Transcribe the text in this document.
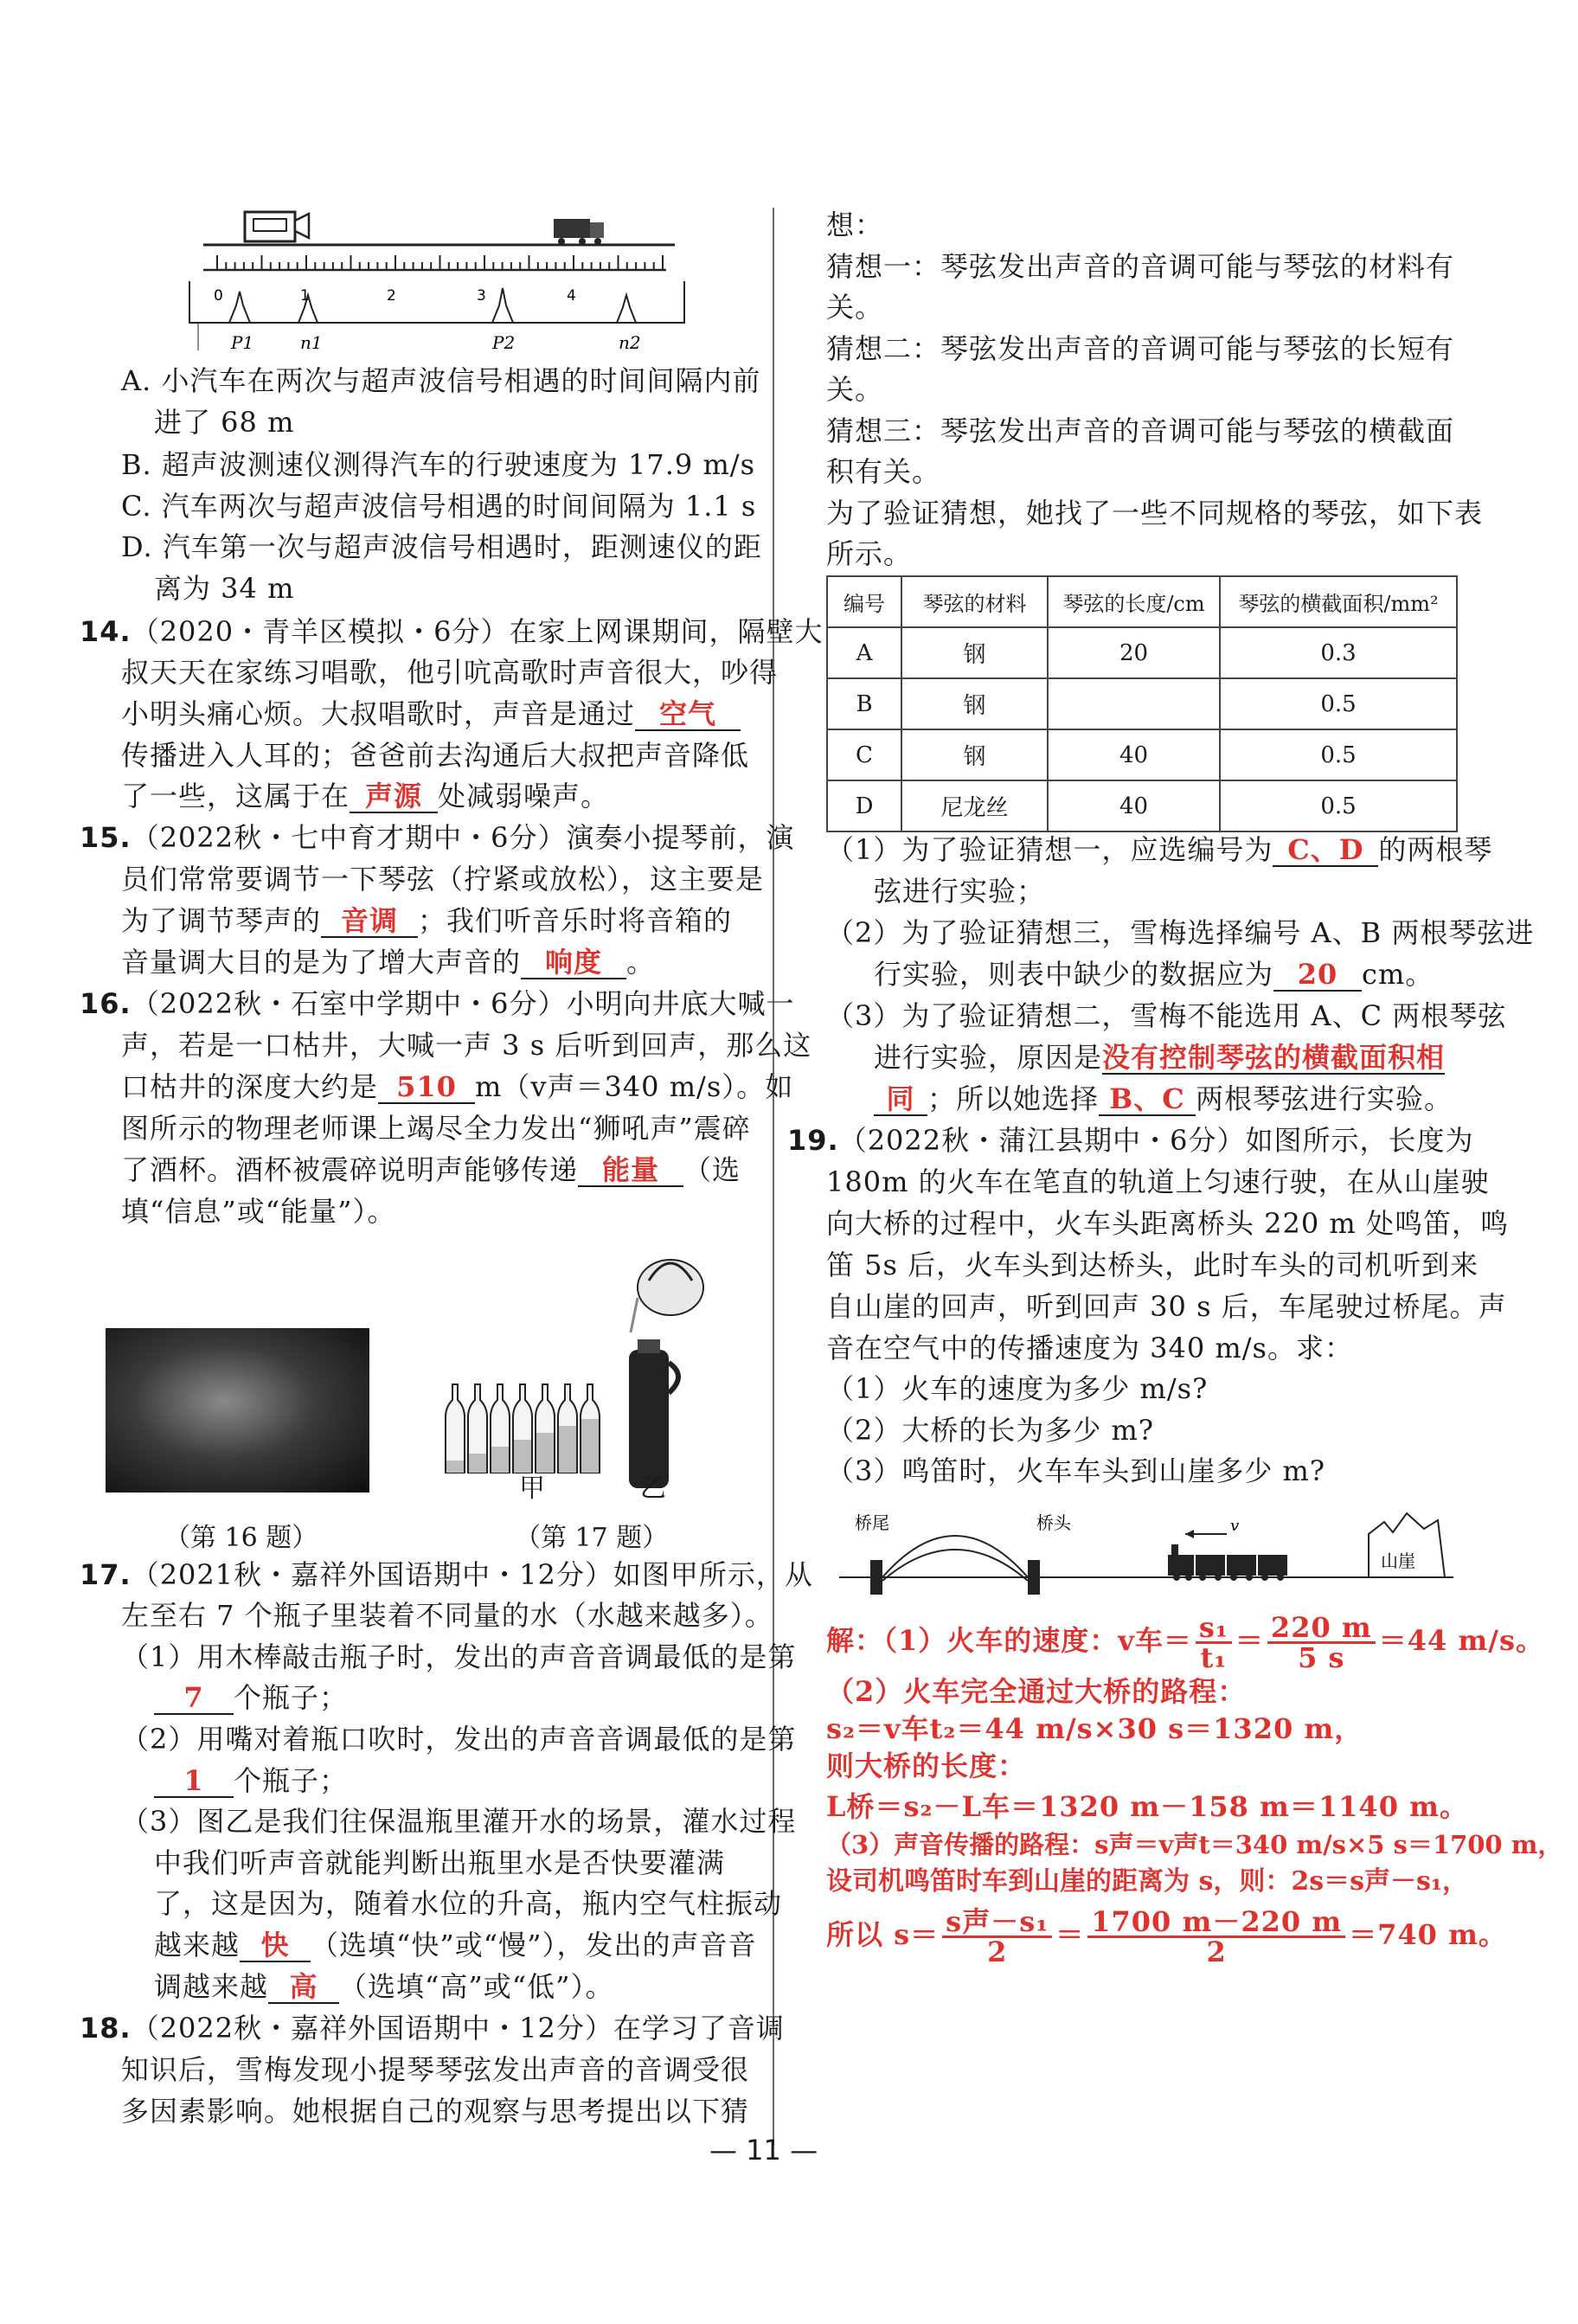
0	1	2	3	4
P1	n1	P2	n2
A. 小汽车在两次与超声波信号相遇的时间间隔内前
进了 68 m
B. 超声波测速仪测得汽车的行驶速度为 17.9 m/s
C. 汽车两次与超声波信号相遇的时间间隔为 1.1 s
D. 汽车第一次与超声波信号相遇时，距测速仪的距
离为 34 m
14.（2020・青羊区模拟・6分）在家上网课期间，隔壁大
叔天天在家练习唱歌，他引吭高歌时声音很大，吵得
小明头痛心烦。大叔唱歌时，声音是通过 空气
传播进入人耳的；爸爸前去沟通后大叔把声音降低
了一些，这属于在 声源 处减弱噪声。
15.（2022秋・七中育才期中・6分）演奏小提琴前，演
员们常常要调节一下琴弦（拧紧或放松），这主要是
为了调节琴声的 音调 ；我们听音乐时将音箱的
音量调大目的是为了增大声音的 响度 。
16.（2022秋・石室中学期中・6分）小明向井底大喊一
声，若是一口枯井，大喊一声 3 s 后听到回声，那么这
口枯井的深度大约是 510 m（v声＝340 m/s）。如
图所示的物理老师课上竭尽全力发出“狮吼声”震碎
了酒杯。酒杯被震碎说明声能够传递 能量 （选
填“信息”或“能量”）。
甲	乙
（第 16 题）	（第 17 题）
17.（2021秋・嘉祥外国语期中・12分）如图甲所示，从
左至右 7 个瓶子里装着不同量的水（水越来越多）。
（1）用木棒敲击瓶子时，发出的声音音调最低的是第
7 个瓶子；
（2）用嘴对着瓶口吹时，发出的声音音调最低的是第
1 个瓶子；
（3）图乙是我们往保温瓶里灌开水的场景，灌水过程
中我们听声音就能判断出瓶里水是否快要灌满
了，这是因为，随着水位的升高，瓶内空气柱振动
越来越 快 （选填“快”或“慢”），发出的声音音
调越来越 高 （选填“高”或“低”）。
18.（2022秋・嘉祥外国语期中・12分）在学习了音调
知识后，雪梅发现小提琴琴弦发出声音的音调受很
多因素影响。她根据自己的观察与思考提出以下猜
想：
猜想一：琴弦发出声音的音调可能与琴弦的材料有
关。
猜想二：琴弦发出声音的音调可能与琴弦的长短有
关。
猜想三：琴弦发出声音的音调可能与琴弦的横截面
积有关。
为了验证猜想，她找了一些不同规格的琴弦，如下表
所示。
编号	琴弦的材料	琴弦的长度/cm	琴弦的横截面积/mm²
A	钢	20	0.3
B	钢		0.5
C	钢	40	0.5
D	尼龙丝	40	0.5
（1）为了验证猜想一，应选编号为 C、D 的两根琴
弦进行实验；
（2）为了验证猜想三，雪梅选择编号 A、B 两根琴弦进
行实验，则表中缺少的数据应为 20 cm。
（3）为了验证猜想二，雪梅不能选用 A、C 两根琴弦
进行实验，原因是没有控制琴弦的横截面积相
同 ；所以她选择 B、C 两根琴弦进行实验。
19.（2022秋・蒲江县期中・6分）如图所示，长度为
180m 的火车在笔直的轨道上匀速行驶，在从山崖驶
向大桥的过程中，火车头距离桥头 220 m 处鸣笛，鸣
笛 5s 后，火车头到达桥头，此时车头的司机听到来
自山崖的回声，听到回声 30 s 后，车尾驶过桥尾。声
音在空气中的传播速度为 340 m/s。求：
（1）火车的速度为多少 m/s?
（2）大桥的长为多少 m?
（3）鸣笛时，火车车头到山崖多少 m?
桥尾	桥头	v
山崖
解：（1）火车的速度：v车＝ $\frac{\text{s₁}}{\text{t₁}} = \frac{220 m}{5 s} =44$ m/s。
（2）火车完全通过大桥的路程：
s₂＝v车t₂＝44 m/s×30 s＝1320 m，
则大桥的长度：
L桥＝s₂－L车＝1320 m－158 m＝1140 m。
（3）声音传播的路程：s声＝v声t＝340 m/s×5 s＝1700 m，
设司机鸣笛时车到山崖的距离为 s，则：2s＝s声－s₁，
所以 $s= \frac{\text{s声－s₁}}{2} = \frac{1700 m-220 m}{2} =740$ m。
— 11 —
